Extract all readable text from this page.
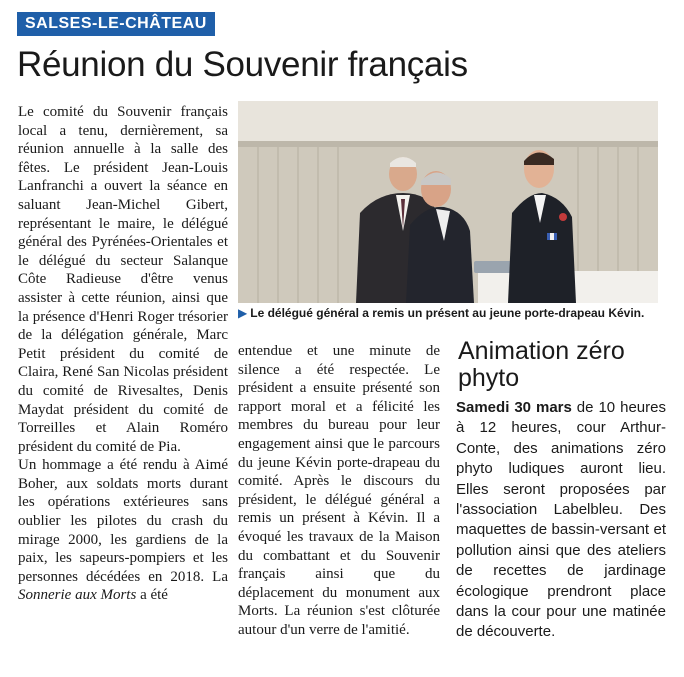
SALSES-LE-CHÂTEAU
Réunion du Souvenir français

Le comité du Souvenir français local a tenu, dernièrement, sa réunion annuelle à la salle des fêtes. Le président Jean-Louis Lanfranchi a ouvert la séance en saluant Jean-Michel Gibert, représentant le maire, le délégué général des Pyrénées-Orientales et le délégué du secteur Salanque Côte Radieuse d'être venus assister à cette réunion, ainsi que la présence d'Henri Roger trésorier de la délégation générale, Marc Petit président du comité de Claira, René San Nicolas président du comité de Rivesaltes, Denis Maydat président du comité de Torreilles et Alain Roméro président du comité de Pia.

Un hommage a été rendu à Aimé Boher, aux soldats morts durant les opérations extérieures sans oublier les pilotes du crash du mirage 2000, les gardiens de la paix, les sapeurs-pompiers et les personnes décédées en 2018. La Sonnerie aux Morts a été

▶ Le délégué général a remis un présent au jeune porte-drapeau Kévin.

entendue et une minute de silence a été respectée. Le président a ensuite présenté son rapport moral et a félicité les membres du bureau pour leur engagement ainsi que le parcours du jeune Kévin porte-drapeau du comité. Après le discours du président, le délégué général a remis un présent à Kévin. Il a évoqué les travaux de la Maison du combattant et du Souvenir français ainsi que du déplacement du monument aux Morts. La réunion s'est clôturée autour d'un verre de l'amitié.

Animation zéro phyto

Samedi 30 mars de 10 heures à 12 heures, cour Arthur-Conte, des animations zéro phyto ludiques auront lieu. Elles seront proposées par l'association Labelbleu. Des maquettes de bassin-versant et pollution ainsi que des ateliers de recettes de jardinage écologique prendront place dans la cour pour une matinée de découverte.
